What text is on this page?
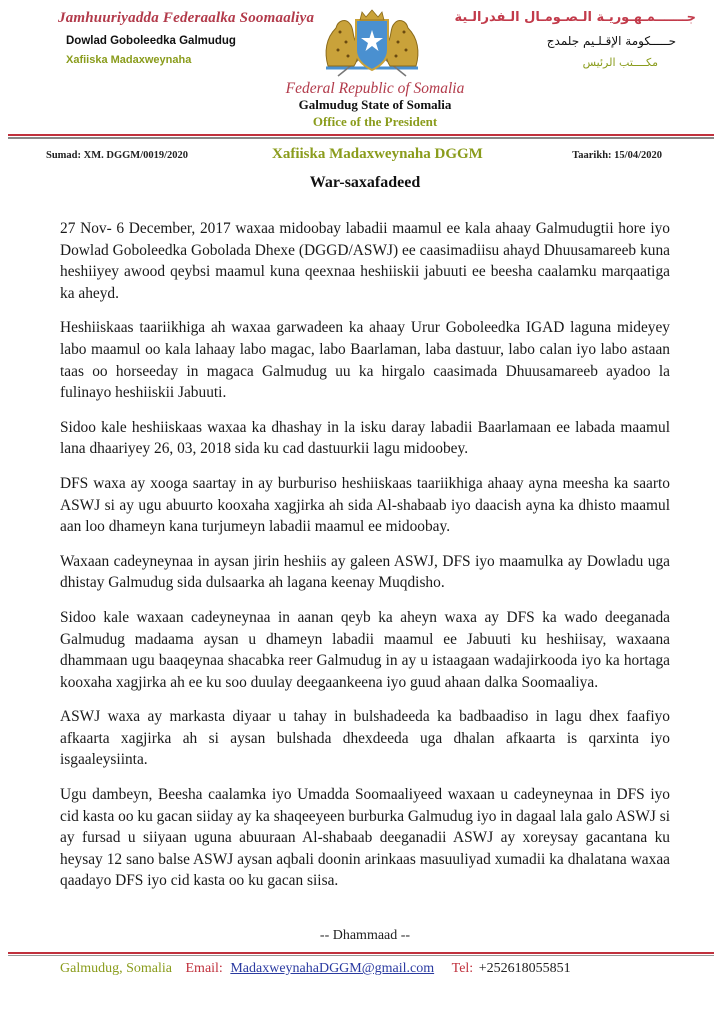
Jamhuuriyadda Federaalka Soomaaliya
Dowlad Goboleedka Galmudug
Xafiiska Madaxweynaha
جـــــــمـهـوريـة الـصـومـال الـفدرالـية
حـــــكومة الإقـلـيم جلمدج
مكــــتب الرئيس
Federal Republic of Somalia
Galmudug State of Somalia
Office of the President
Sumad: XM. DGGM/0019/2020	Xafiiska Madaxweynaha DGGM	Taarikh: 15/04/2020
War-saxafadeed

27 Nov- 6 December, 2017 waxaa midoobay labadii maamul ee kala ahaay Galmudugtii hore iyo Dowlad Goboleedka Gobolada Dhexe (DGGD/ASWJ) ee caasimadiisu ahayd Dhuusamareeb kuna heshiiyey awood qeybsi maamul kuna qeexnaa heshiiskii jabuuti ee beesha caalamku marqaatiga ka aheyd.

Heshiiskaas taariikhiga ah waxaa garwadeen ka ahaay Urur Goboleedka IGAD laguna mideyey labo maamul oo kala lahaay labo magac, labo Baarlaman, laba dastuur, labo calan iyo labo astaan taas oo horseeday in magaca Galmudug uu ka hirgalo caasimada Dhuusamareeb ayadoo la fulinayo heshiiskii Jabuuti.

Sidoo kale heshiiskaas waxaa ka dhashay in la isku daray labadii Baarlamaan ee labada maamul lana dhaariyey 26, 03, 2018 sida ku cad dastuurkii lagu midoobey.

DFS waxa ay xooga saartay in ay burburiso heshiiskaas taariikhiga ahaay ayna meesha ka saarto ASWJ si ay ugu abuurto kooxaha xagjirka ah sida Al-shabaab iyo daacish ayna ka dhisto maamul aan loo dhameyn kana turjumeyn labadii maamul ee midoobay.

Waxaan cadeyneynaa in aysan jirin heshiis ay galeen ASWJ, DFS iyo maamulka ay Dowladu uga dhistay Galmudug sida dulsaarka ah lagana keenay Muqdisho.

Sidoo kale waxaan cadeyneynaa in aanan qeyb ka aheyn waxa ay DFS ka wado deeganada Galmudug madaama aysan u dhameyn labadii maamul ee Jabuuti ku heshiisay, waxaana dhammaan ugu baaqeynaa shacabka reer Galmudug in ay u istaagaan wadajirkooda iyo ka hortaga kooxaha xagjirka ah ee ku soo duulay deegaankeena iyo guud ahaan dalka Soomaaliya.

ASWJ waxa ay markasta diyaar u tahay in bulshadeeda ka badbaadiso in lagu dhex faafiyo afkaarta xagjirka ah si aysan bulshada dhexdeeda uga dhalan afkaarta is qarxinta iyo isgaaleysiinta.

Ugu dambeyn, Beesha caalamka iyo Umadda Soomaaliyeed waxaan u cadeyneynaa in DFS iyo cid kasta oo ku gacan siiday ay ka shaqeeyeen burburka Galmudug iyo in dagaal lala galo ASWJ si ay fursad u siiyaan uguna abuuraan Al-shabaab deeganadii ASWJ ay xoreysay gacantana ku heysay 12 sano balse ASWJ aysan aqbali doonin arinkaas masuuliyad xumadii ka dhalatana waxaa qaadayo DFS iyo cid kasta oo ku gacan siisa.

-- Dhammaad --
Galmudug, Somalia Email: MadaxweynahaDGGM@gmail.com Tel: +252618055851
